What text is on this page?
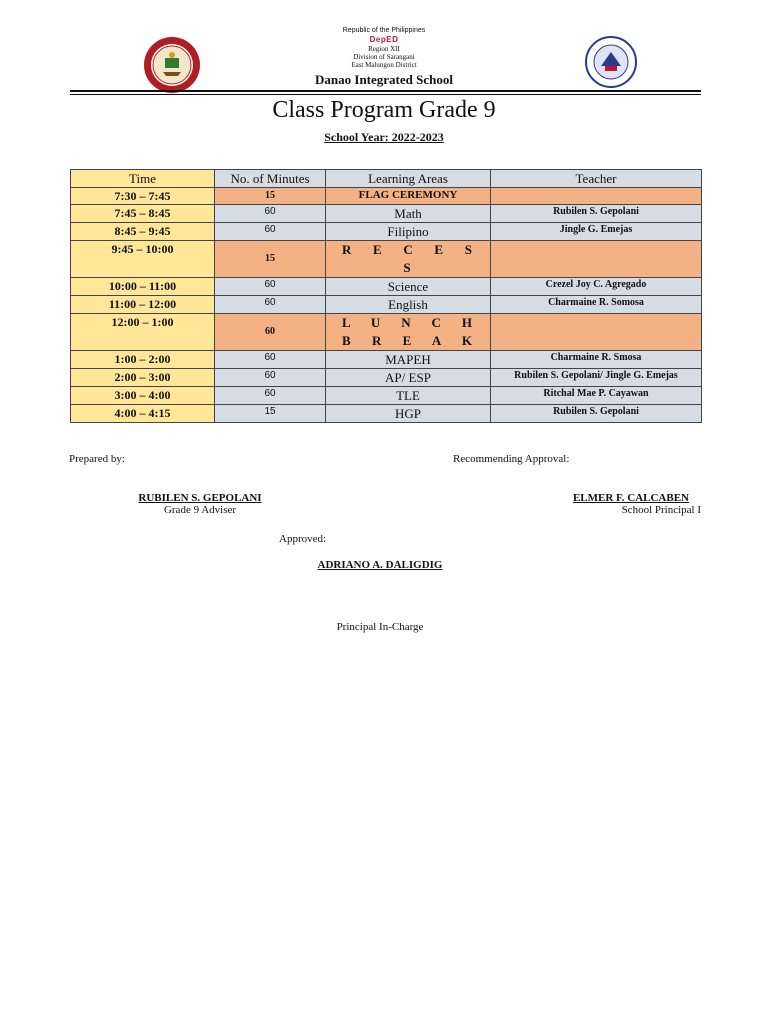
Republic of the Philippines
DepED
Region XII
Division of Sarangani
East Malungon District
Danao Integrated School
Class Program Grade 9
School Year: 2022-2023
Time	No. of Minutes	Learning Areas	Teacher
7:30 – 7:45	15	FLAG CEREMONY	
7:45 – 8:45	60	Math	Rubilen S. Gepolani
8:45 – 9:45	60	Filipino	Jingle G. Emejas
9:45 – 10:00	15	R E C E S
S	

10:00 – 11:00	60	Science	Crezel Joy C. Agregado
11:00 – 12:00	60	English	Charmaine R. Somosa
12:00 – 1:00	60	L U N C H
B R E A K	

1:00 – 2:00	60	MAPEH	Charmaine R. Smosa
2:00 – 3:00	60	AP/ ESP	Rubilen S. Gepolani/ Jingle G. Emejas
3:00 – 4:00	60	TLE	Ritchal Mae P. Cayawan
4:00 – 4:15	15	HGP	Rubilen S. Gepolani
Prepared by:	Recommending Approval:
RUBILEN S. GEPOLANI
Grade 9 Adviser
ELMER F. CALCABEN
School Principal I
Approved:
ADRIANO A. DALIGDIG
Principal In-Charge
